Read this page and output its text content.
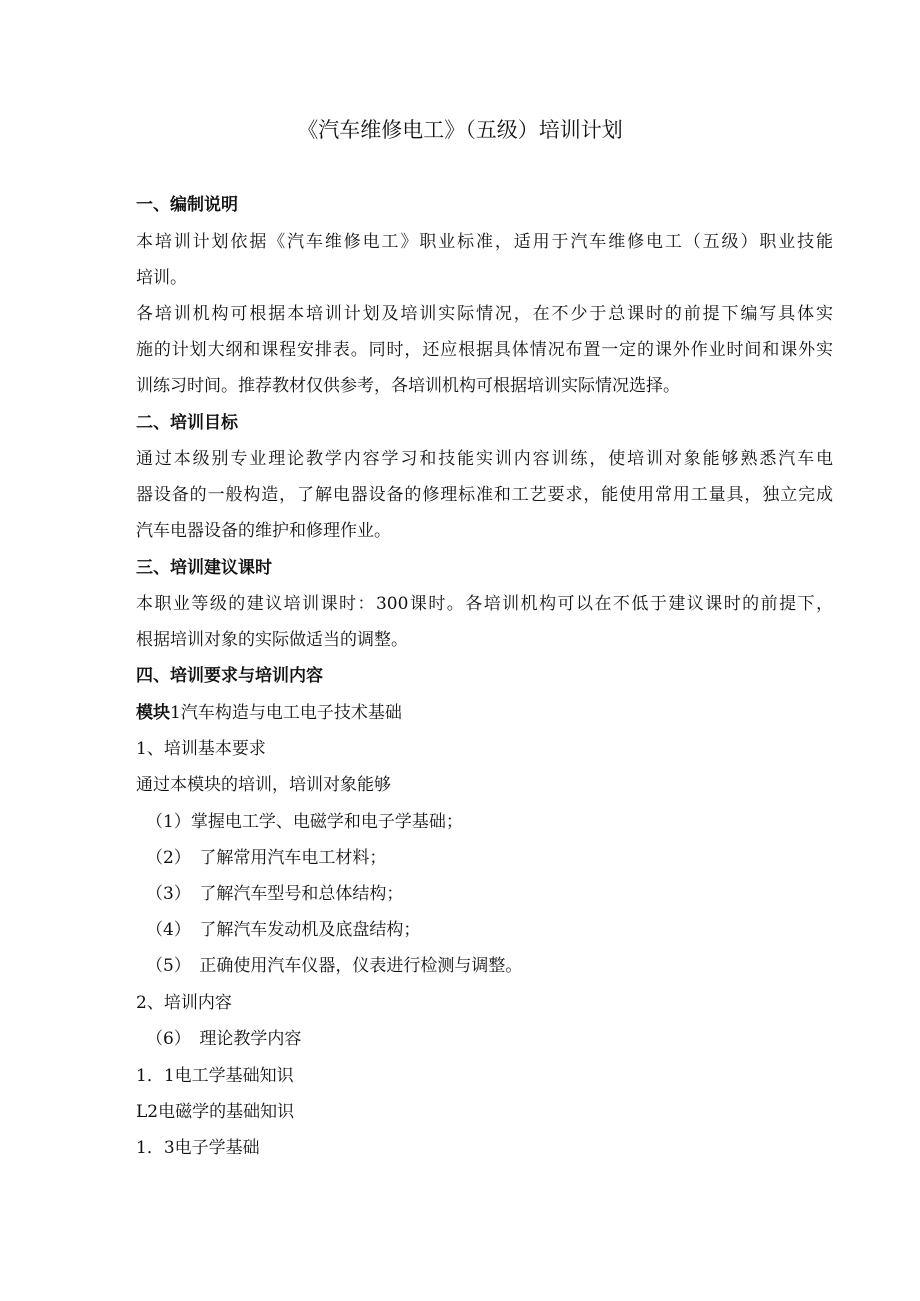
《汽车维修电工》（五级）培训计划
一、编制说明
本培训计划依据《汽车维修电工》职业标准，适用于汽车维修电工（五级）职业技能
培训。
各培训机构可根据本培训计划及培训实际情况，在不少于总课时的前提下编写具体实
施的计划大纲和课程安排表。同时，还应根据具体情况布置一定的课外作业时间和课外实
训练习时间。推荐教材仅供参考，各培训机构可根据培训实际情况选择。
二、培训目标
通过本级别专业理论教学内容学习和技能实训内容训练，使培训对象能够熟悉汽车电
器设备的一般构造，了解电器设备的修理标准和工艺要求，能使用常用工量具，独立完成
汽车电器设备的维护和修理作业。
三、培训建议课时
本职业等级的建议培训课时：300课时。各培训机构可以在不低于建议课时的前提下，
根据培训对象的实际做适当的调整。
四、培训要求与培训内容
模块1汽车构造与电工电子技术基础
1、培训基本要求
通过本模块的培训，培训对象能够
（1）掌握电工学、电磁学和电子学基础；
（2）　了解常用汽车电工材料；
（3）　了解汽车型号和总体结构；
（4）　了解汽车发动机及底盘结构；
（5）　正确使用汽车仪器，仪表进行检测与调整。
2、培训内容
（6）　理论教学内容
1．1电工学基础知识
L2电磁学的基础知识
1．3电子学基础
